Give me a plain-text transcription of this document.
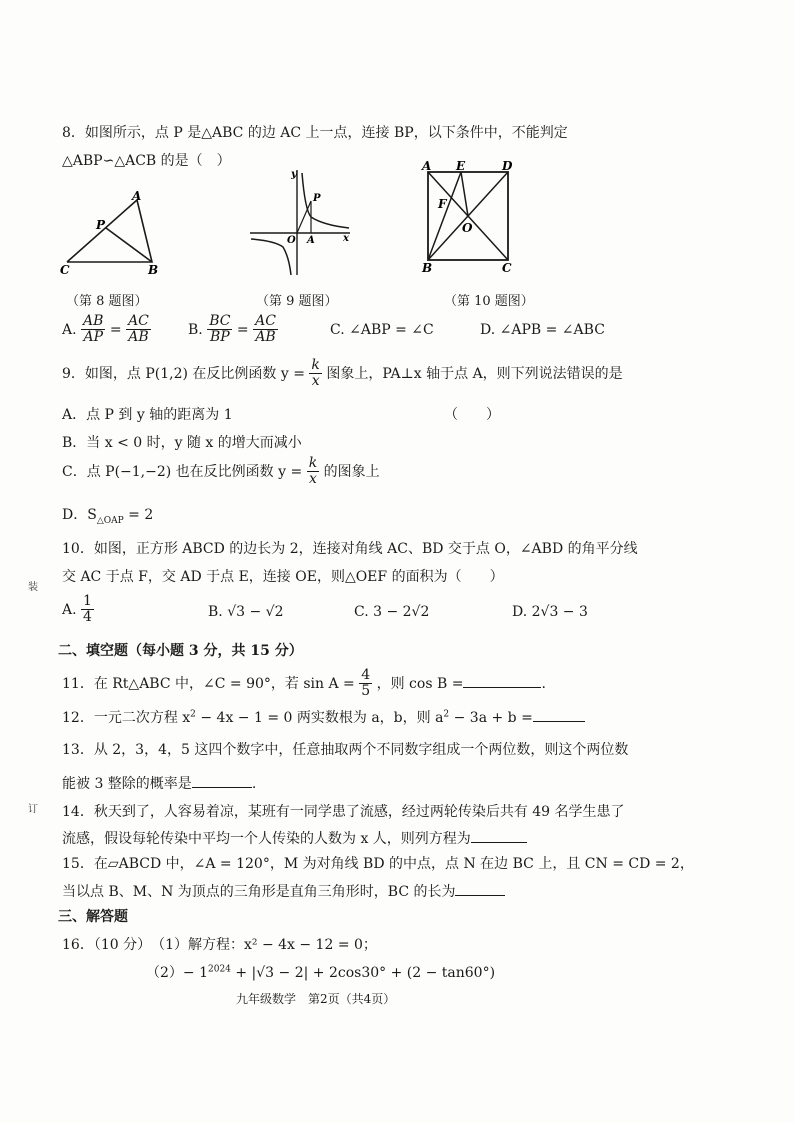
8．如图所示，点 P 是△ABC 的边 AC 上一点，连接 BP，以下条件中，不能判定
△ABP∽△ACB 的是（　）
A
P
C	B
y
x
O A
P
A E	D
F
O
B	C
（第 8 题图）	（第 9 题图）	（第 10 题图）
A. $\frac{AB}{AP} = \frac{AC}{AB}$	B. $\frac{BC}{BP} = \frac{AC}{AB}$	C. ∠ABP = ∠C	D. ∠APB = ∠ABC
9．如图，点 P(1,2) 在反比例函数 $y = \frac{k}{x}$ 图象上，PA⊥x 轴于点 A，则下列说法错误的是
A．点 P 到 y 轴的距离为 1	（　　）
B．当 x < 0 时，y 随 x 的增大而减小
C．点 P(−1,−2) 也在反比例函数 $y = \frac{k}{x}$ 的图象上
D．$S_{\triangle OAP} = 2$
10．如图，正方形 ABCD 的边长为 2，连接对角线 AC、BD 交于点 O，∠ABD 的角平分线
交 AC 于点 F，交 AD 于点 E，连接 OE，则△OEF 的面积为（　　）
A. $\frac{1}{4}$	B. √3 − √2	C. 3 − 2√2	D. 2√3 − 3
二、填空题（每小题 3 分，共 15 分）
11．在 Rt△ABC 中，∠C = 90°，若 $\sin A = \frac{4}{5}$ ，则 cos B =	.
12．一元二次方程 $x^2 - 4x - 1 = 0$ 两实数根为 a，b，则 $a^2 - 3a + b$ =
13．从 2，3，4，5 这四个数字中，任意抽取两个不同数字组成一个两位数，则这个两位数
能被 3 整除的概率是	.
14．秋天到了，人容易着凉，某班有一同学患了流感，经过两轮传染后共有 49 名学生患了
流感，假设每轮传染中平均一个人传染的人数为 x 人，则列方程为
15．在▱ABCD 中，∠A = 120°，M 为对角线 BD 的中点，点 N 在边 BC 上，且 CN = CD = 2，
当以点 B、M、N 为顶点的三角形是直角三角形时，BC 的长为
三、解答题
16．（10 分）　（1）解方程：x² − 4x − 12 = 0；
$(2)- 1^{2024} + |√3 - 2| + 2\cos 30^\circ + (2 - \tan 60^\circ)$
九年级数学　第2页（共4页）
装
订
